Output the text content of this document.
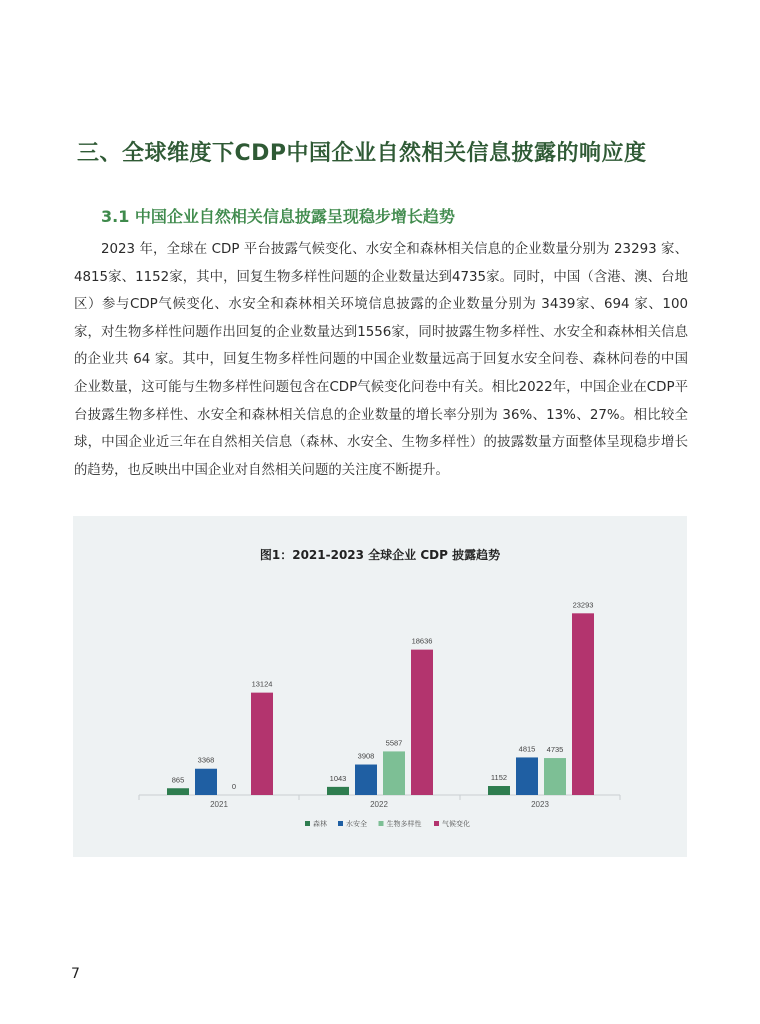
三、全球维度下CDP中国企业自然相关信息披露的响应度
3.1 中国企业自然相关信息披露呈现稳步增长趋势

2023 年，全球在 CDP 平台披露气候变化、水安全和森林相关信息的企业数量分别为 23293 家、4815家、1152家，其中，回复生物多样性问题的企业数量达到4735家。同时，中国（含港、澳、台地区）参与CDP气候变化、水安全和森林相关环境信息披露的企业数量分别为 3439家、694 家、100家，对生物多样性问题作出回复的企业数量达到1556家，同时披露生物多样性、水安全和森林相关信息的企业共 64 家。其中，回复生物多样性问题的中国企业数量远高于回复水安全问卷、森林问卷的中国企业数量，这可能与生物多样性问题包含在CDP气候变化问卷中有关。相比2022年，中国企业在CDP平台披露生物多样性、水安全和森林相关信息的企业数量的增长率分别为 36%、13%、27%。相比较全球，中国企业近三年在自然相关信息（森林、水安全、生物多样性）的披露数量方面整体呈现稳步增长的趋势，也反映出中国企业对自然相关问题的关注度不断提升。

图1：2021-2023 全球企业 CDP 披露趋势
865
3368
0
13124
2021
1043
3908
5587
18636
2022
1152
4815 4735
23293
2023
森林	水安全	生物多样性	气候变化
7
